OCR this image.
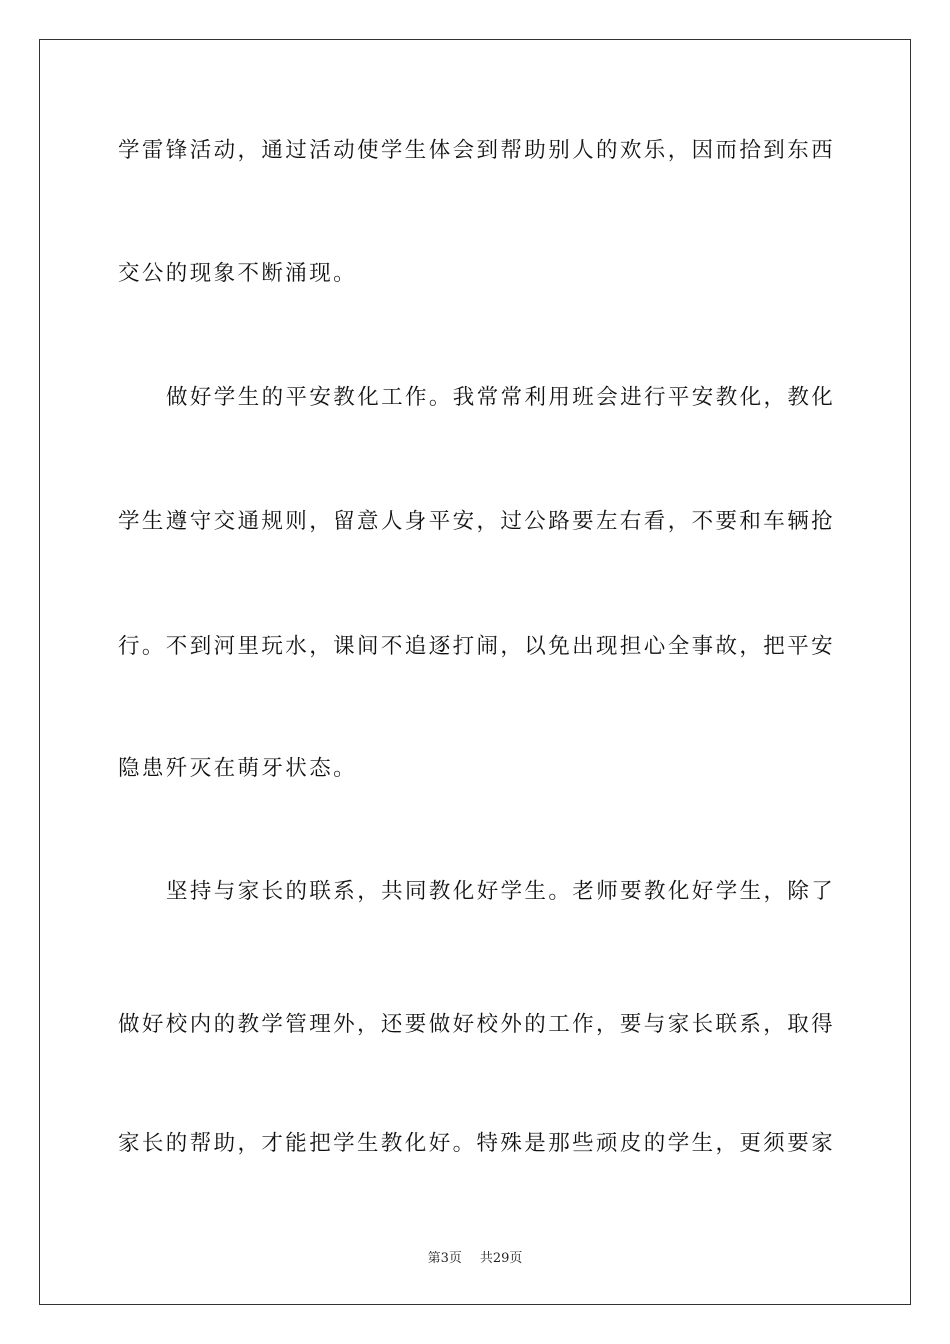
学雷锋活动，通过活动使学生体会到帮助别人的欢乐，因而拾到东西
交公的现象不断涌现。
做好学生的平安教化工作。我常常利用班会进行平安教化，教化
学生遵守交通规则，留意人身平安，过公路要左右看，不要和车辆抢
行。不到河里玩水，课间不追逐打闹，以免出现担心全事故，把平安
隐患歼灭在萌牙状态。
坚持与家长的联系，共同教化好学生。老师要教化好学生，除了
做好校内的教学管理外，还要做好校外的工作，要与家长联系，取得
家长的帮助，才能把学生教化好。特殊是那些顽皮的学生，更须要家
第3页 共29页
